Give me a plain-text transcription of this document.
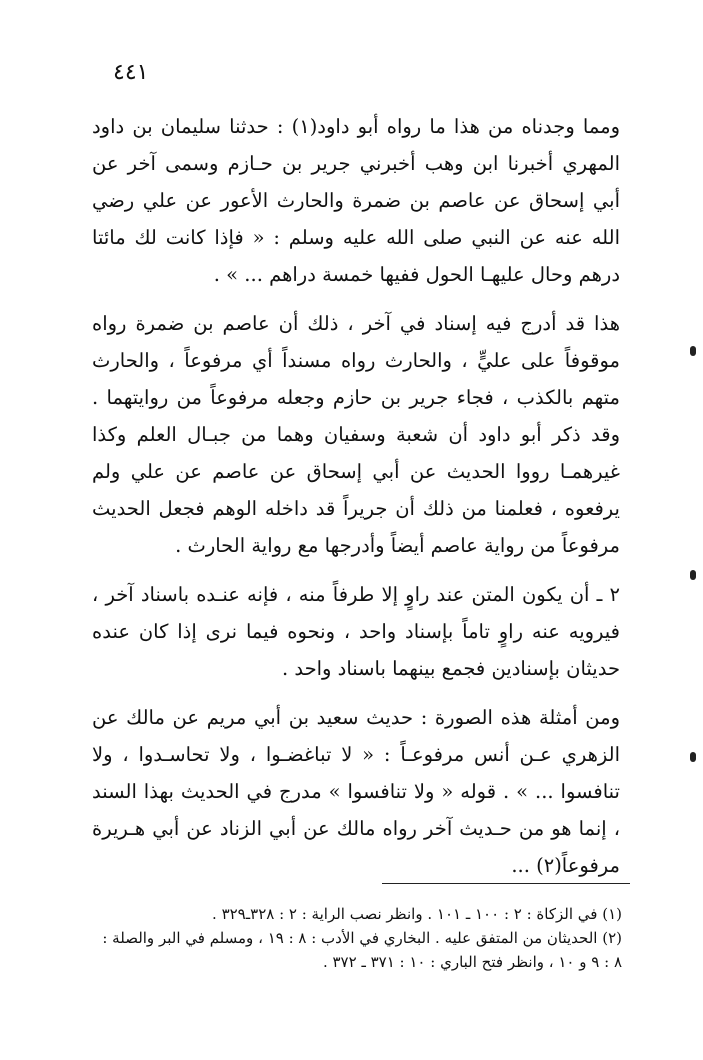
٤٤١

ومما وجدناه من هذا ما رواه أبو داود(١) : حدثنا سليمان بن داود المهري أخبرنا ابن وهب أخبرني جرير بن حـازم وسمى آخر عن أبي إسحاق عن عاصم بن ضمرة والحارث الأعور عن علي رضي الله عنه عن النبي صلى الله عليه وسلم : « فإذا كانت لك مائتا درهم وحال عليهـا الحول ففيها خمسة دراهم ... » .

هذا قد أدرج فيه إسناد في آخر ، ذلك أن عاصم بن ضمرة رواه موقوفاً على عليٍّ ، والحارث رواه مسنداً أي مرفوعاً ، والحارث متهم بالكذب ، فجاء جرير بن حازم وجعله مرفوعاً من روايتهما . وقد ذكر أبو داود أن شعبة وسفيان وهما من جبـال العلم وكذا غيرهمـا رووا الحديث عن أبي إسحاق عن عاصم عن علي ولم يرفعوه ، فعلمنا من ذلك أن جريراً قد داخله الوهم فجعل الحديث مرفوعاً من رواية عاصم أيضاً وأدرجها مع رواية الحارث .

٢ ـ أن يكون المتن عند راوٍ إلا طرفاً منه ، فإنه عنـده باسناد آخر ، فيرويه عنه راوٍ تاماً بإسناد واحد ، ونحوه فيما نرى إذا كان عنده حديثان بإسنادين فجمع بينهما باسناد واحد .

ومن أمثلة هذه الصورة : حديث سعيد بن أبي مريم عن مالك عن الزهري عـن أنس مرفوعـاً : « لا تباغضـوا ، ولا تحاسـدوا ، ولا تنافسوا ... » . قوله « ولا تنافسوا » مدرج في الحديث بهذا السند ، إنما هو من حـديث آخر رواه مالك عن أبي الزناد عن أبي هـريرة مرفوعاً(٢) ...

(١) في الزكاة : ٢ : ١٠٠ ـ ١٠١ . وانظر نصب الراية : ٢ : ٣٢٨ـ٣٢٩ .

(٢) الحديثان من المتفق عليه . البخاري في الأدب : ٨ : ١٩ ، ومسلم في البر والصلة : ٨ : ٩ و ١٠ ، وانظر فتح الباري : ١٠ : ٣٧١ ـ ٣٧٢ .
